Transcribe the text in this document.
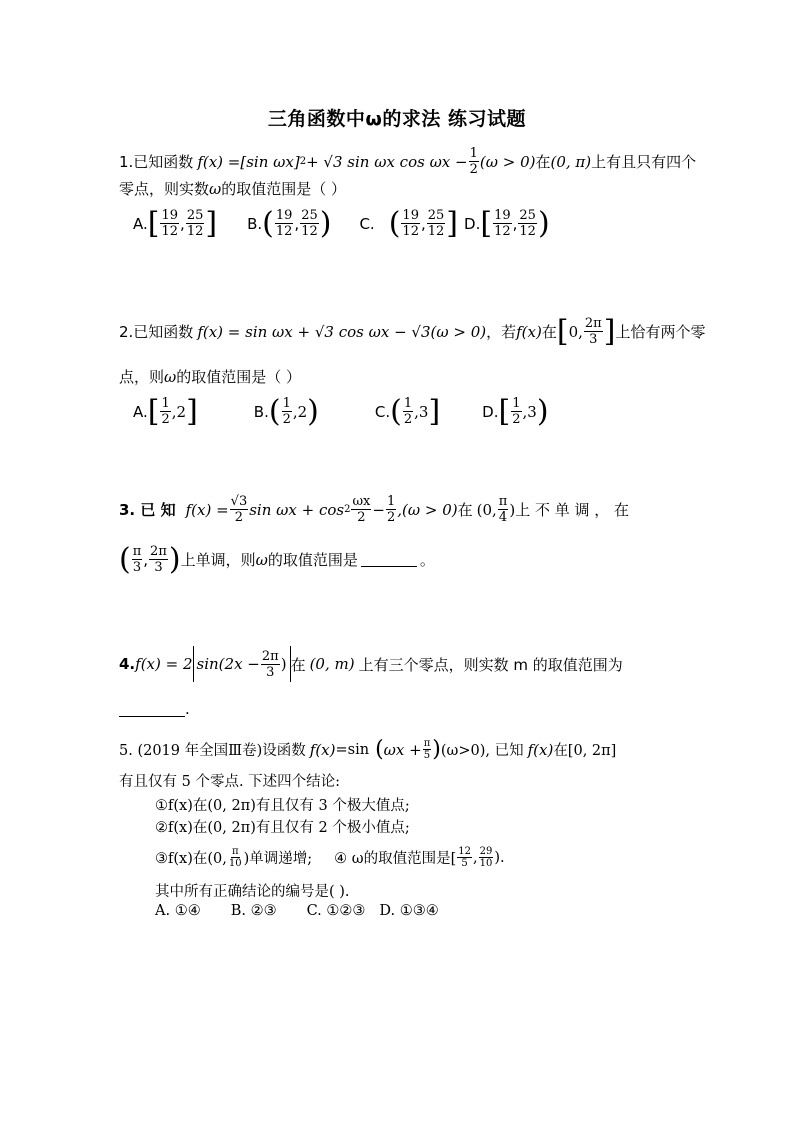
三角函数中ω的求法 练习试题
1.已知函数 f(x) = [sin ωx] 2 + √3 sin ωx $\cos \omega x - \frac{1}{2} (\omega > 0)$ 在 (0, π) 上有且只有四个
零点，则实数 ω 的取值范围是（ ）
A. [ $\frac{19}{12}$ , $\frac{25}{12}$ ] B. ( $\frac{19}{12}$ , $\frac{25}{12}$ ) C. ( $\frac{19}{12}$ , $\frac{25}{12}$ ] D. [ $\frac{19}{12}$ , $\frac{25}{12}$ )
2.已知函数 f(x) = sin ωx + √3 cos ωx − √3(ω > 0) ，若 f(x) 在 [ 0, $\frac{2\pi}{3}$ ] 上恰有两个零
点，则 ω 的取值范围是（ ）
A. [ $\frac{1}{2} ,2$ ]	B. ( $\frac{1}{2} ,2$ )	C. ( $\frac{1}{2} ,3$ ]	D. [ $\frac{1}{2} ,3$ )
3. 已 知 $f(x) = \frac{√3}{2}$ $\sin \omega x + \cos 2 \frac{\omega x}{2} - \frac{1}{2} ,(\omega > 0)$ 在 (0, $\frac{\pi}{4}$ ) 上 不 单 调 ， 在
( $\frac{\pi}{3}$ , $\frac{2\pi}{3}$ ) 上单调，则 ω 的取值范围是	。
4. f(x) = 2 $\sin(2x - \frac{2\pi}{3}$ ) 在 (0, m) 上有三个零点，则实数 m 的取值范围为
.
5. (2019 年全国Ⅲ卷)设函数 f(x) =sin ( $\omega x + \frac{\pi}{5}$ ) (ω>0), 已知 f(x) 在[0, 2π]
有且仅有 5 个零点. 下述四个结论:
①f(x)在(0, 2π)有且仅有 3 个极大值点;
②f(x)在(0, 2π)有且仅有 2 个极小值点;
③f(x)在(0, $\frac{\pi}{10}$ )单调递增; ④ ω的取值范围是[ $\frac{12}{5}$ , $\frac{29}{10}$ ).
其中所有正确结论的编号是( ).
A. ①④ B. ②③ C. ①②③ D. ①③④
